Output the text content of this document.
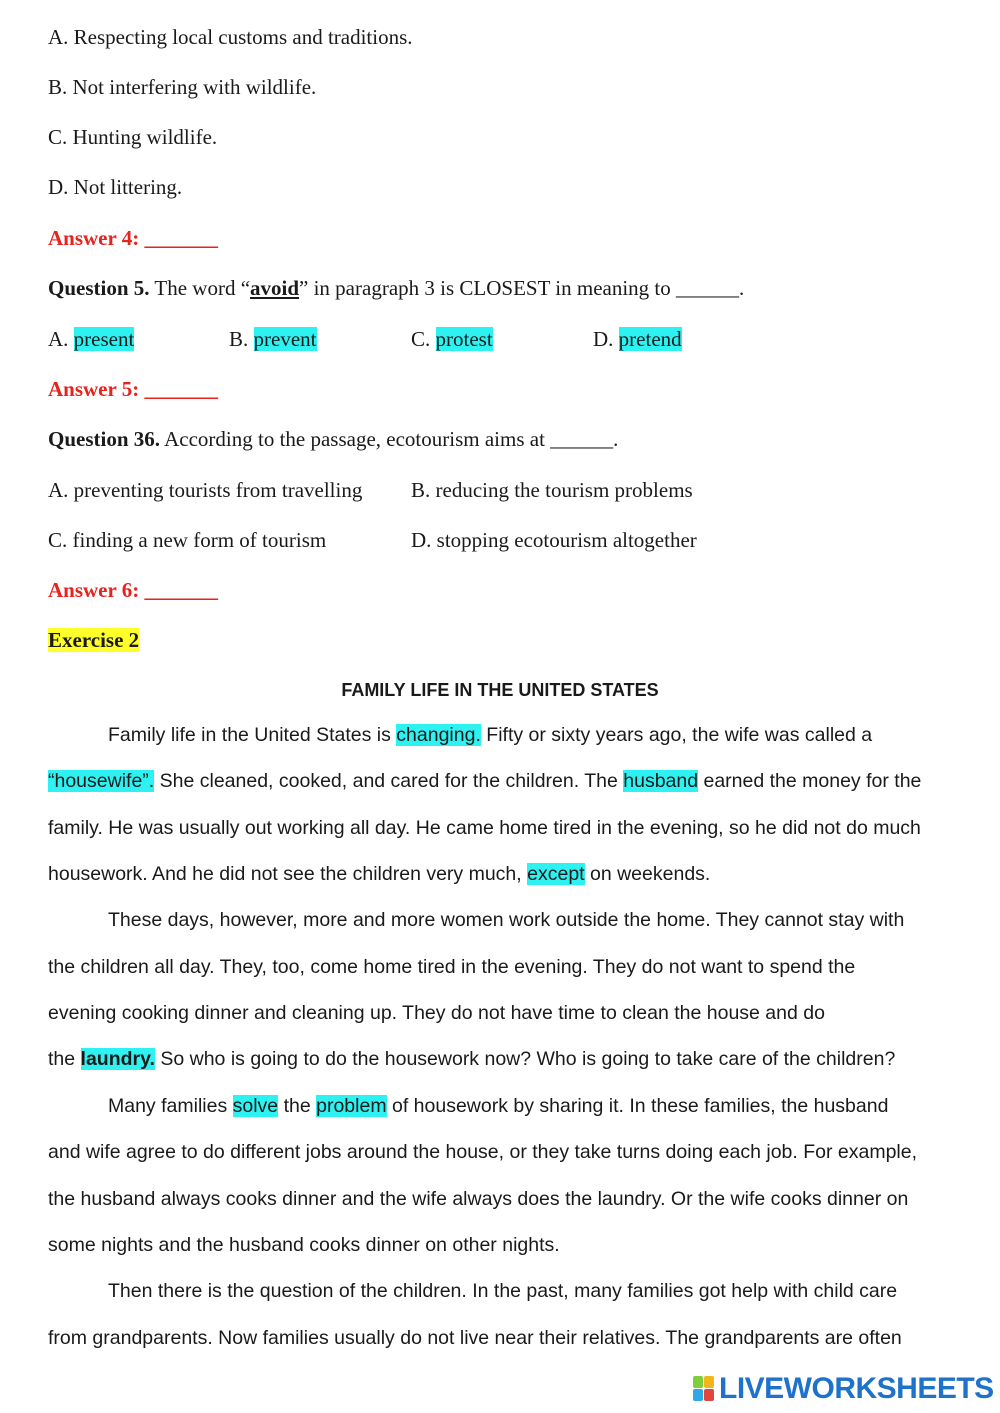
A. Respecting local customs and traditions.
B. Not interfering with wildlife.
C. Hunting wildlife.
D. Not littering.
Answer 4: _______
Question 5. The word “avoid” in paragraph 3 is CLOSEST in meaning to ______.
A. present	B. prevent	C. protest	D. pretend
Answer 5: _______
Question 36. According to the passage, ecotourism aims at ______.
A. preventing tourists from travelling B. reducing the tourism problems
C. finding a new form of tourism	D. stopping ecotourism altogether
Answer 6: _______
Exercise 2
FAMILY LIFE IN THE UNITED STATES
Family life in the United States is changing. Fifty or sixty years ago, the wife was called a
“housewife”. She cleaned, cooked, and cared for the children. The husband earned the money for the
family. He was usually out working all day. He came home tired in the evening, so he did not do much
housework. And he did not see the children very much, except on weekends.
These days, however, more and more women work outside the home. They cannot stay with
the children all day. They, too, come home tired in the evening. They do not want to spend the
evening cooking dinner and cleaning up. They do not have time to clean the house and do
the laundry. So who is going to do the housework now? Who is going to take care of the children?
Many families solve the problem of housework by sharing it. In these families, the husband
and wife agree to do different jobs around the house, or they take turns doing each job. For example,
the husband always cooks dinner and the wife always does the laundry. Or the wife cooks dinner on
some nights and the husband cooks dinner on other nights.
Then there is the question of the children. In the past, many families got help with child care
from grandparents. Now families usually do not live near their relatives. The grandparents are often
LIVEWORKSHEETS
